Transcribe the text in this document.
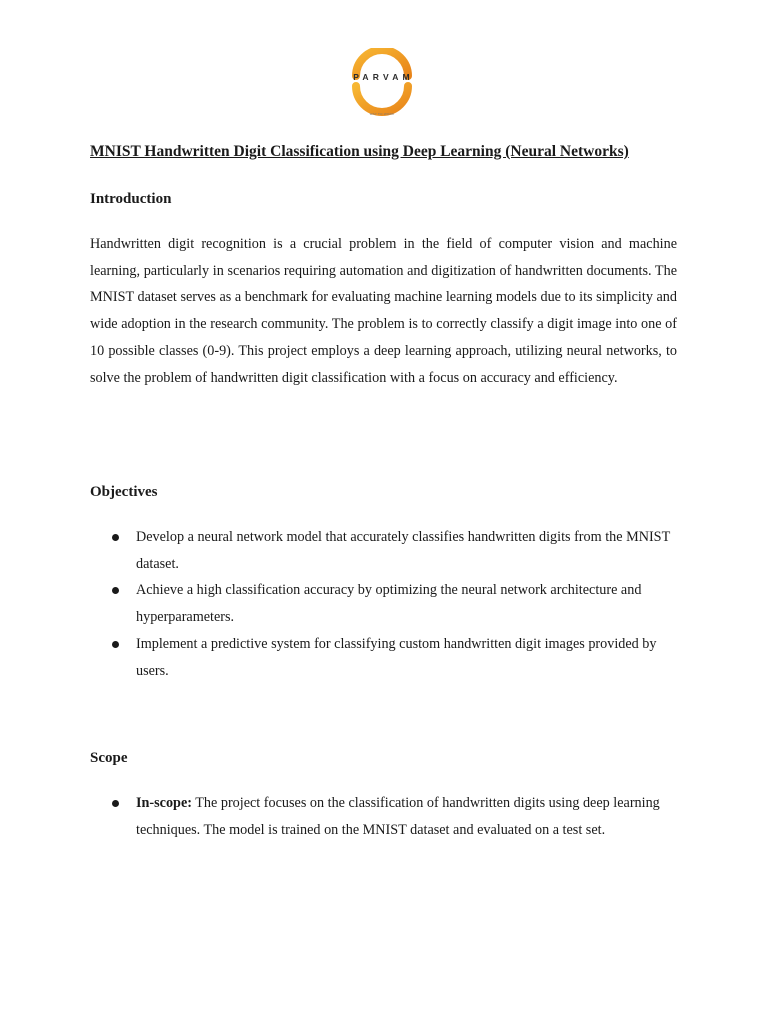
PARVAM
WAY TO WORK
MNIST Handwritten Digit Classification using Deep Learning (Neural Networks)
Introduction

Handwritten digit recognition is a crucial problem in the field of computer vision and machine learning, particularly in scenarios requiring automation and digitization of handwritten documents. The MNIST dataset serves as a benchmark for evaluating machine learning models due to its simplicity and wide adoption in the research community. The problem is to correctly classify a digit image into one of 10 possible classes (0-9). This project employs a deep learning approach, utilizing neural networks, to solve the problem of handwritten digit classification with a focus on accuracy and efficiency.

Objectives
Develop a neural network model that accurately classifies handwritten digits from the MNIST dataset.
Achieve a high classification accuracy by optimizing the neural network architecture and hyperparameters.
Implement a predictive system for classifying custom handwritten digit images provided by users.
Scope
In-scope: The project focuses on the classification of handwritten digits using deep learning techniques. The model is trained on the MNIST dataset and evaluated on a test set.
